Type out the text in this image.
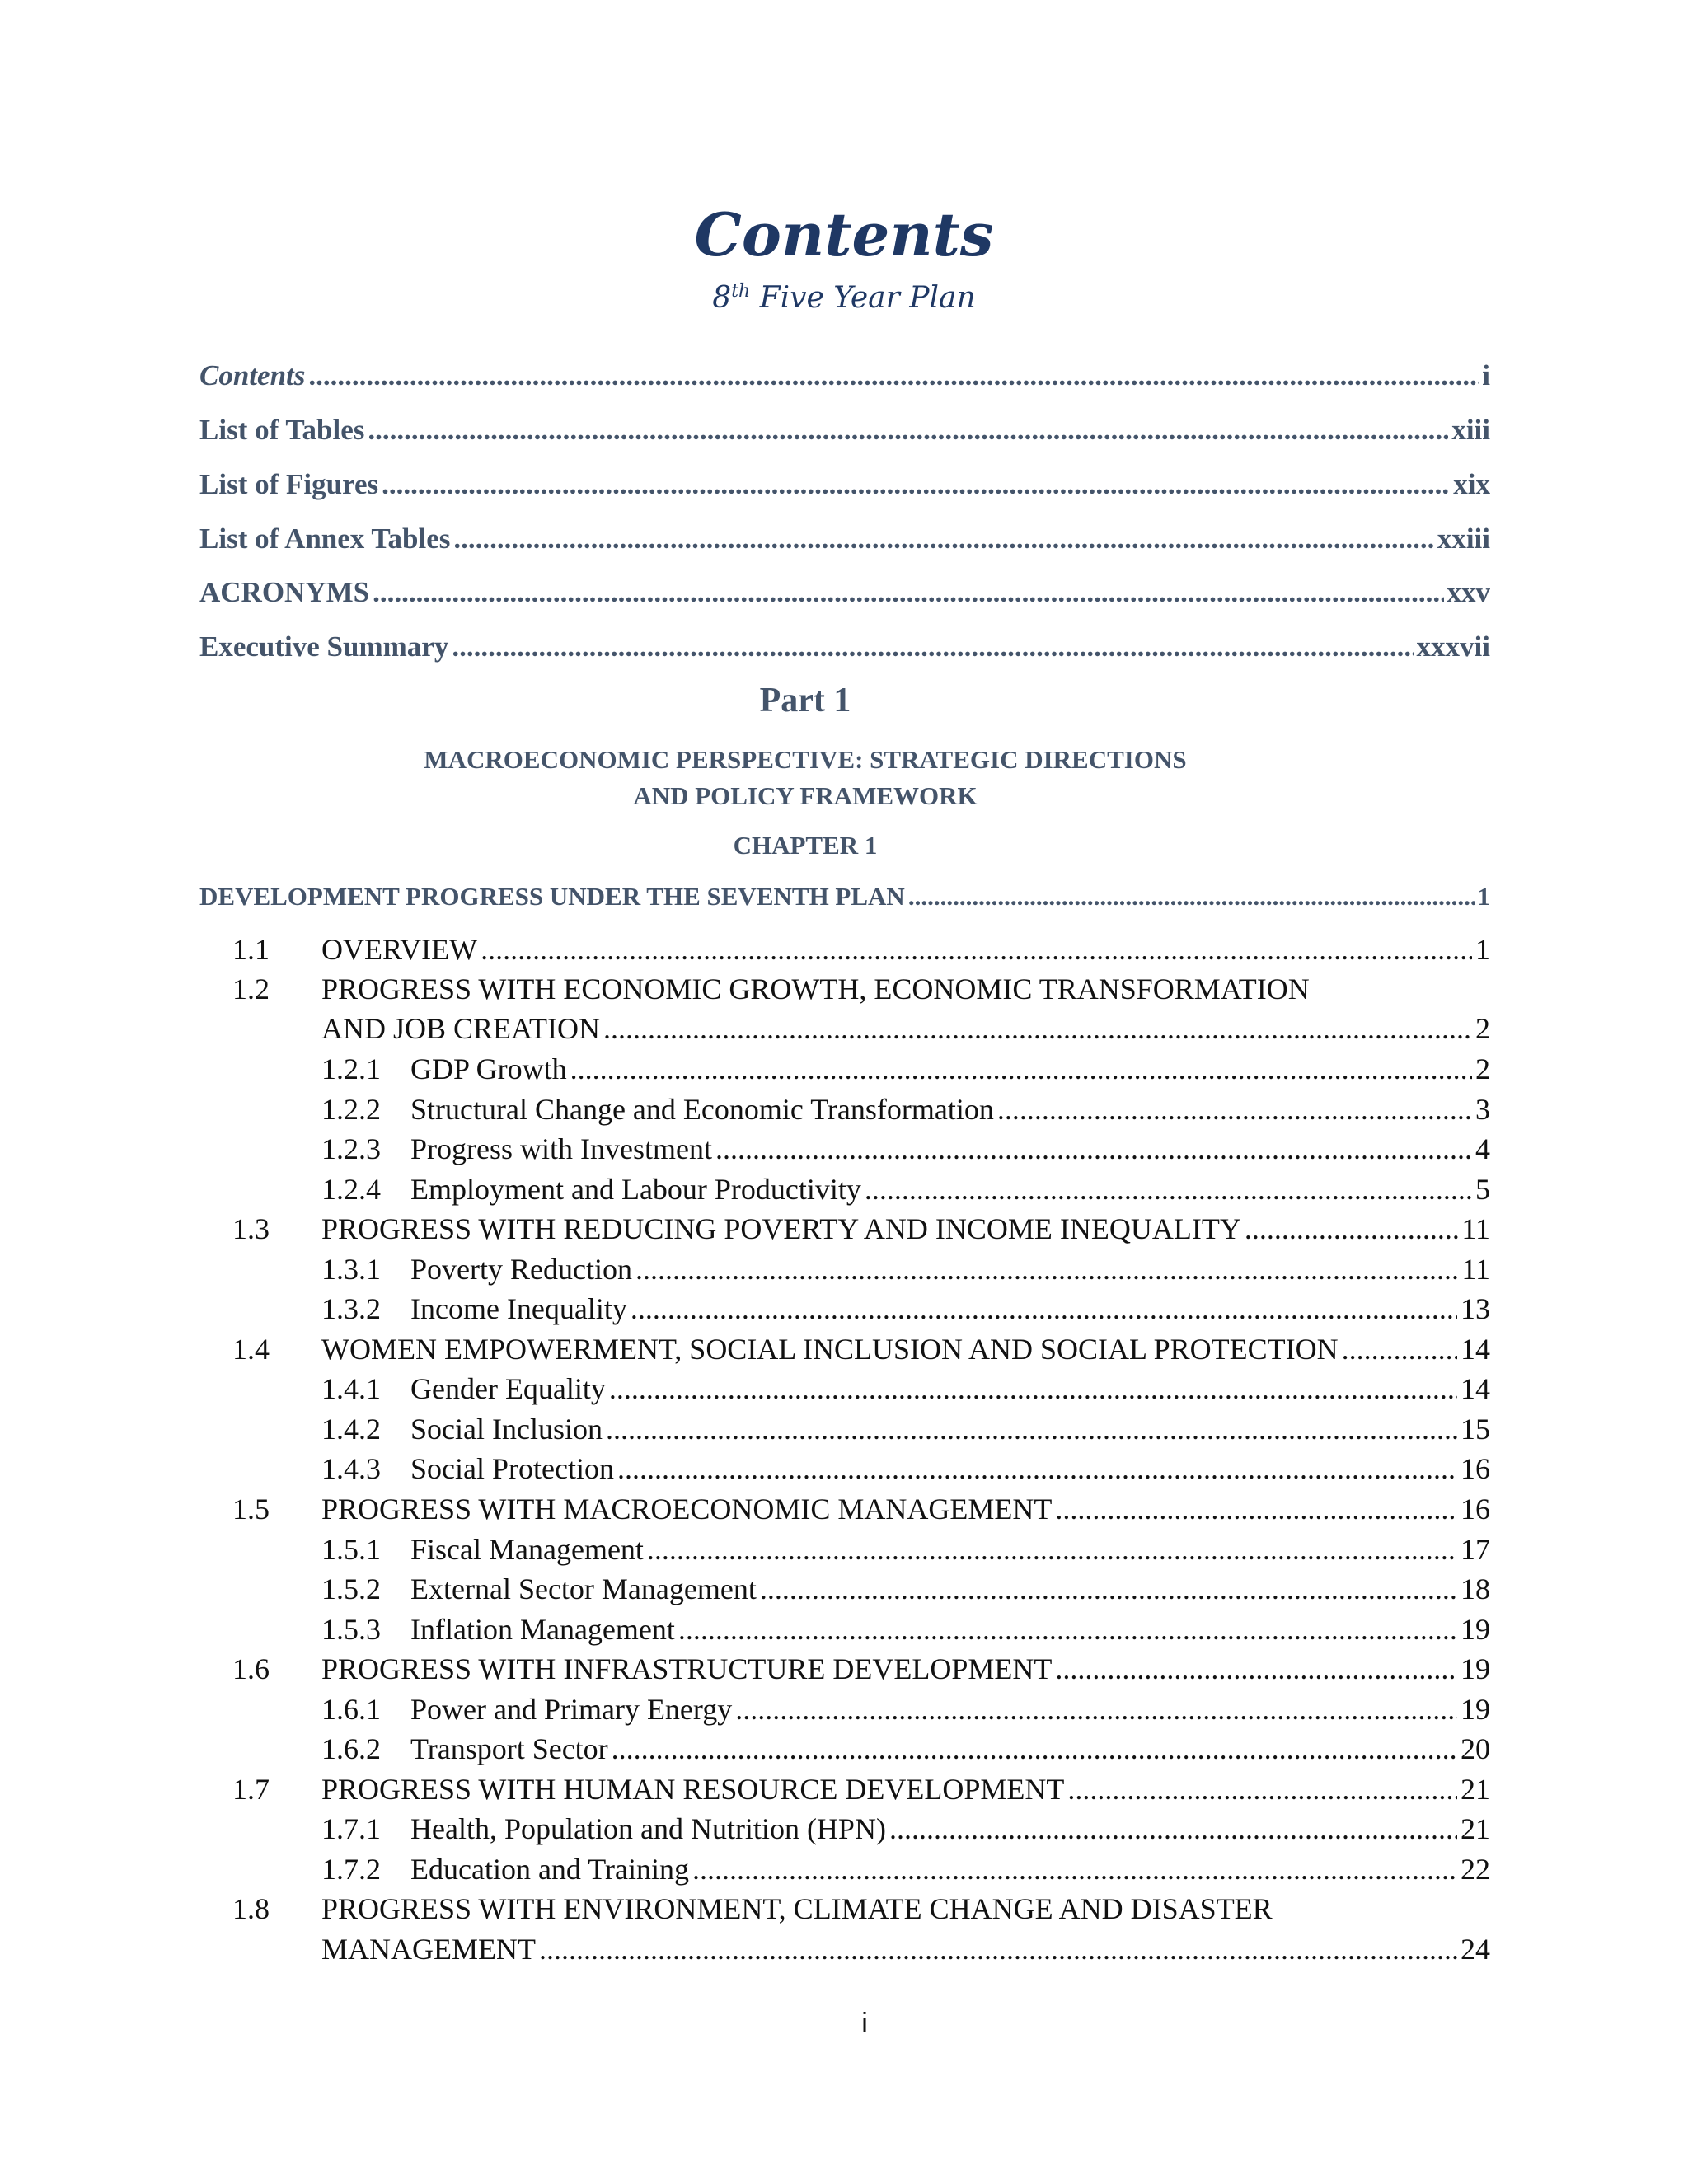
Contents
8th Five Year Plan
Contents .....	i
List of Tables .....	xiii
List of Figures .....	xix
List of Annex Tables .....	xxiii
ACRONYMS .....	xxv
Executive Summary .....	xxxvii
Part 1
MACROECONOMIC PERSPECTIVE: STRATEGIC DIRECTIONS
AND POLICY FRAMEWORK
CHAPTER 1
DEVELOPMENT PROGRESS UNDER THE SEVENTH PLAN .....	1
1.1 OVERVIEW .....	1
1.2 PROGRESS WITH ECONOMIC GROWTH, ECONOMIC TRANSFORMATION
AND JOB CREATION .....	2
1.2.1 GDP Growth .....	2
1.2.2 Structural Change and Economic Transformation .....	3
1.2.3 Progress with Investment .....	4
1.2.4 Employment and Labour Productivity .....	5
1.3 PROGRESS WITH REDUCING POVERTY AND INCOME INEQUALITY .....	11
1.3.1 Poverty Reduction .....	11
1.3.2 Income Inequality .....	13
1.4 WOMEN EMPOWERMENT, SOCIAL INCLUSION AND SOCIAL PROTECTION .....	14
1.4.1 Gender Equality .....	14
1.4.2 Social Inclusion .....	15
1.4.3 Social Protection .....	16
1.5 PROGRESS WITH MACROECONOMIC MANAGEMENT .....	16
1.5.1 Fiscal Management .....	17
1.5.2 External Sector Management .....	18
1.5.3 Inflation Management .....	19
1.6 PROGRESS WITH INFRASTRUCTURE DEVELOPMENT .....	19
1.6.1 Power and Primary Energy .....	19
1.6.2 Transport Sector .....	20
1.7 PROGRESS WITH HUMAN RESOURCE DEVELOPMENT .....	21
1.7.1 Health, Population and Nutrition (HPN) .....	21
1.7.2 Education and Training .....	22
1.8 PROGRESS WITH ENVIRONMENT, CLIMATE CHANGE AND DISASTER
MANAGEMENT .....	24
i
